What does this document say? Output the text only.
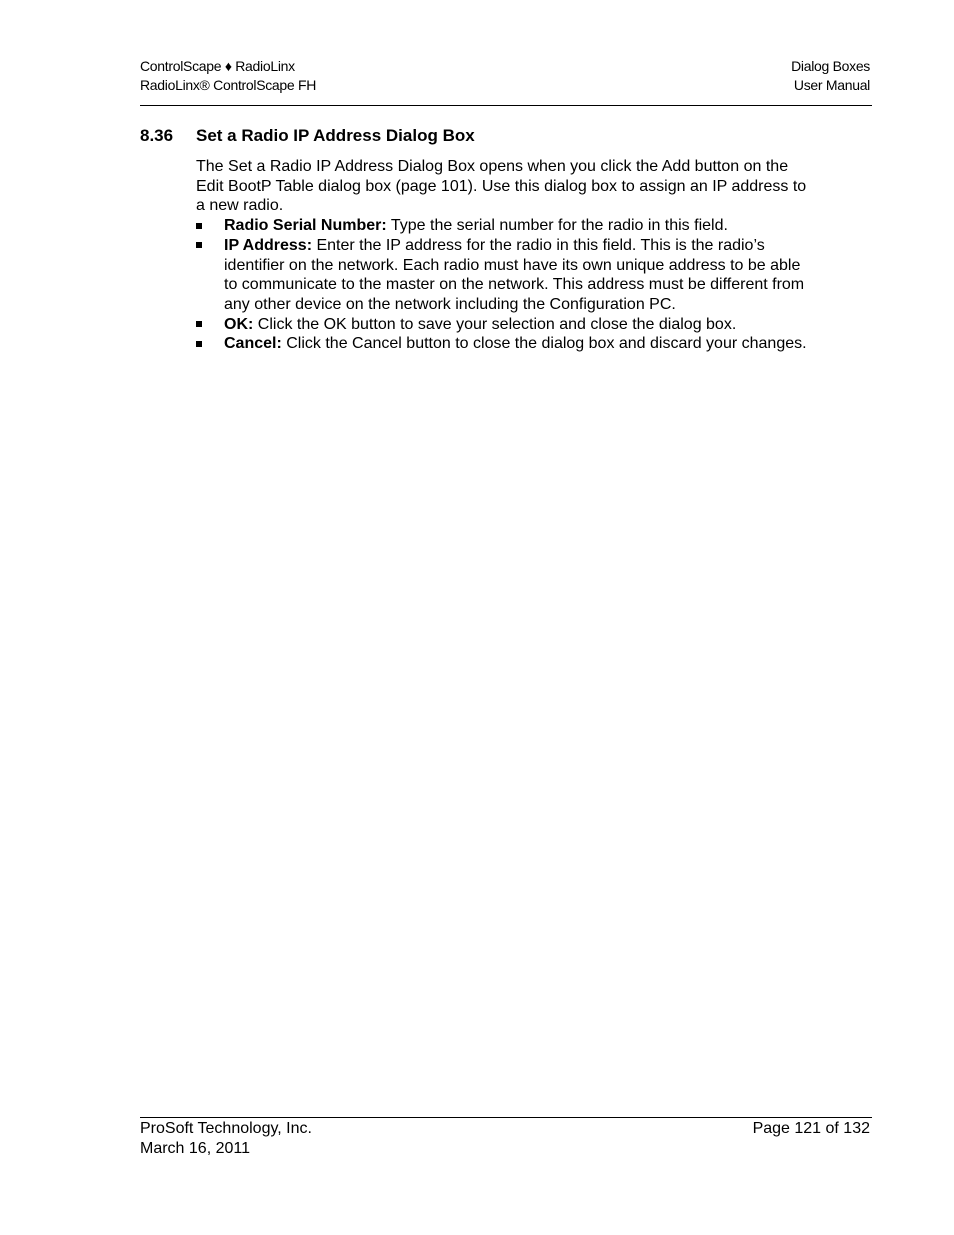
ControlScape ♦ RadioLinx
RadioLinx® ControlScape FH
Dialog Boxes
User Manual
8.36 Set a Radio IP Address Dialog Box

The Set a Radio IP Address Dialog Box opens when you click the Add button on the Edit BootP Table dialog box (page 101). Use this dialog box to assign an IP address to a new radio.

Radio Serial Number: Type the serial number for the radio in this field.
IP Address: Enter the IP address for the radio in this field. This is the radio’s identifier on the network. Each radio must have its own unique address to be able to communicate to the master on the network. This address must be different from any other device on the network including the Configuration PC.
OK: Click the OK button to save your selection and close the dialog box.
Cancel: Click the Cancel button to close the dialog box and discard your changes.
ProSoft Technology, Inc.
March 16, 2011
Page 121 of 132
